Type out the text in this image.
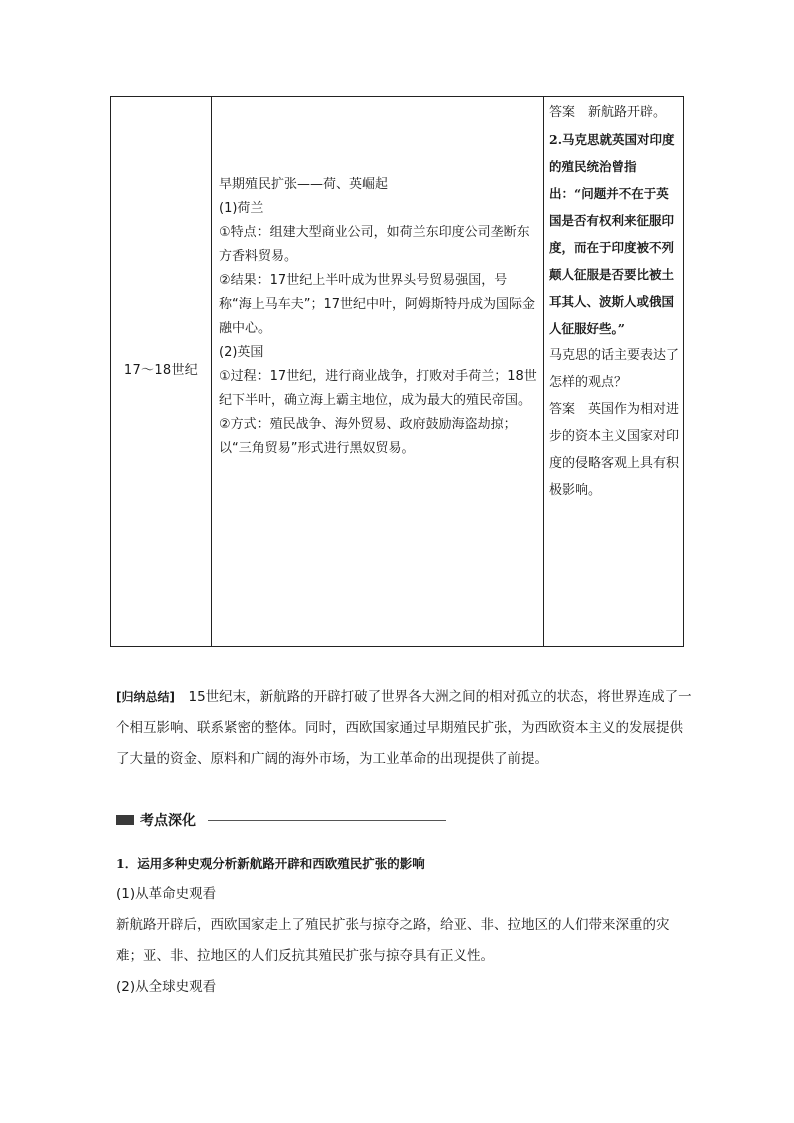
17～18世纪

早期殖民扩张——荷、英崛起

(1)荷兰

①特点：组建大型商业公司，如荷兰东印度公司垄断东方香料贸易。

②结果：17世纪上半叶成为世界头号贸易强国，号称“海上马车夫”；17世纪中叶，阿姆斯特丹成为国际金融中心。

(2)英国

①过程：17世纪，进行商业战争，打败对手荷兰；18世纪下半叶，确立海上霸主地位，成为最大的殖民帝国。

②方式：殖民战争、海外贸易、政府鼓励海盗劫掠；以“三角贸易”形式进行黑奴贸易。

答案　新航路开辟。

2.马克思就英国对印度的殖民统治曾指出：“问题并不在于英国是否有权利来征服印度，而在于印度被不列颠人征服是否要比被土耳其人、波斯人或俄国人征服好些。”

马克思的话主要表达了怎样的观点？

答案　英国作为相对进步的资本主义国家对印度的侵略客观上具有积极影响。

[归纳总结]　15世纪末，新航路的开辟打破了世界各大洲之间的相对孤立的状态，将世界连成了一个相互影响、联系紧密的整体。同时，西欧国家通过早期殖民扩张，为西欧资本主义的发展提供了大量的资金、原料和广阔的海外市场，为工业革命的出现提供了前提。
考点深化

1．运用多种史观分析新航路开辟和西欧殖民扩张的影响

(1)从革命史观看

新航路开辟后，西欧国家走上了殖民扩张与掠夺之路，给亚、非、拉地区的人们带来深重的灾难；亚、非、拉地区的人们反抗其殖民扩张与掠夺具有正义性。

(2)从全球史观看
